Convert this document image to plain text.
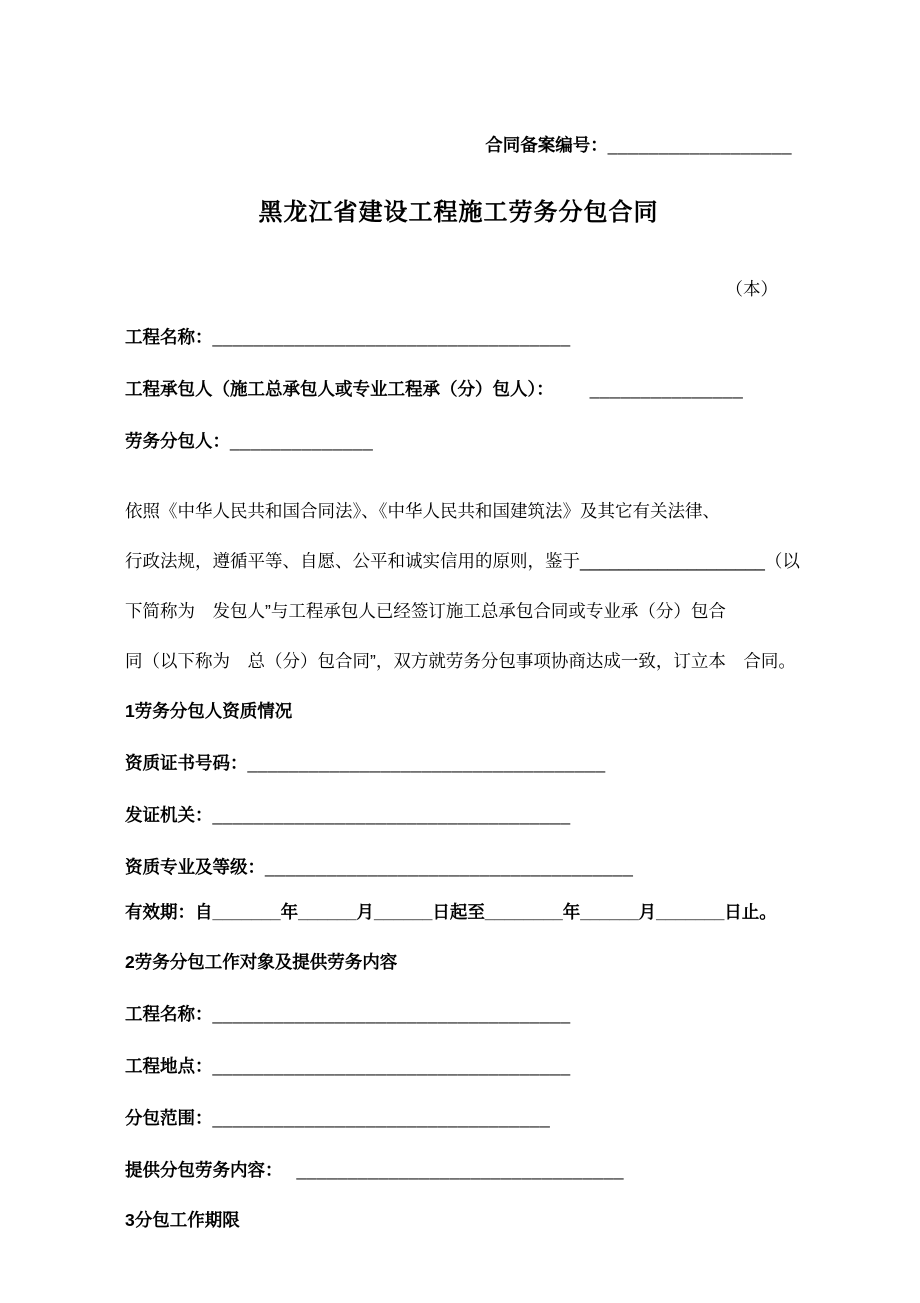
合同备案编号：__________________
黑龙江省建设工程施工劳务分包合同
（本）
工程名称：___________________________________
工程承包人（施工总承包人或专业工程承（分）包人）： _______________
劳务分包人：______________
依照《中华人民共和国合同法》、《中华人民共和国建筑法》及其它有关法律、
行政法规，遵循平等、自愿、公平和诚实信用的原则，鉴于___________________（以
下简称为　发包人”与工程承包人已经签订施工总承包合同或专业承（分）包合
同（以下称为　总（分）包合同”，双方就劳务分包事项协商达成一致，订立本　合同。
1劳务分包人资质情况
资质证书号码：___________________________________
发证机关：___________________________________
资质专业及等级：____________________________________
有效期：自_______年______月______日起至________年______月_______日止。
2劳务分包工作对象及提供劳务内容
工程名称：___________________________________
工程地点：___________________________________
分包范围：_________________________________
提供分包劳务内容： ________________________________
3分包工作期限
